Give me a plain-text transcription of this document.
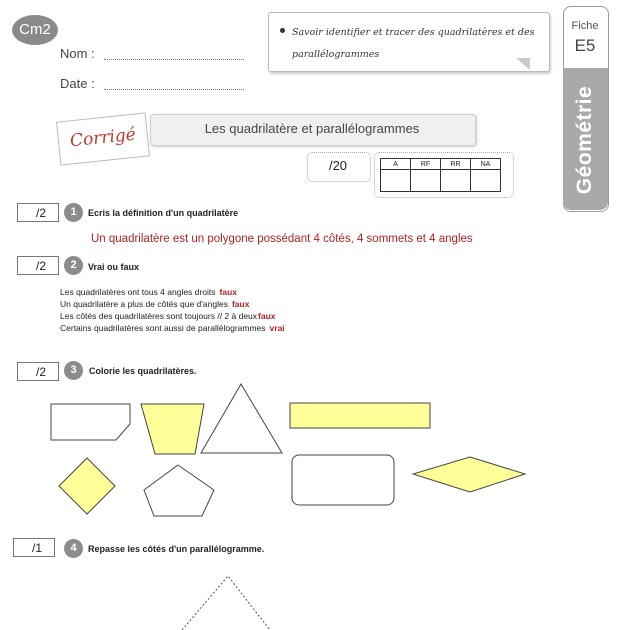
Cm2
Nom :
Date :
Savoir identifier et tracer des quadrilatères et des parallélogrammes
Fiche
E5
Géométrie
Corrigé	Les quadrilatère et parallélogrammes
/20	A	RF	RR	NA

/2	1	Ecris la définition d'un quadrilatère
Un quadrilatère est un polygone possédant 4 côtés, 4 sommets et 4 angles
/2	2	Vrai ou faux
Les quadrilatères ont tous 4 angles droits faux
Un quadrilatère a plus de côtés que d'angles faux
Les côtés des quadrilatères sont toujours // 2 à deuxfaux
Certains quadrilatères sont aussi de parallélogrammes vrai
/2	3	Colorie les quadrilatères.
/1	4	Repasse les côtés d'un parallélogramme.
